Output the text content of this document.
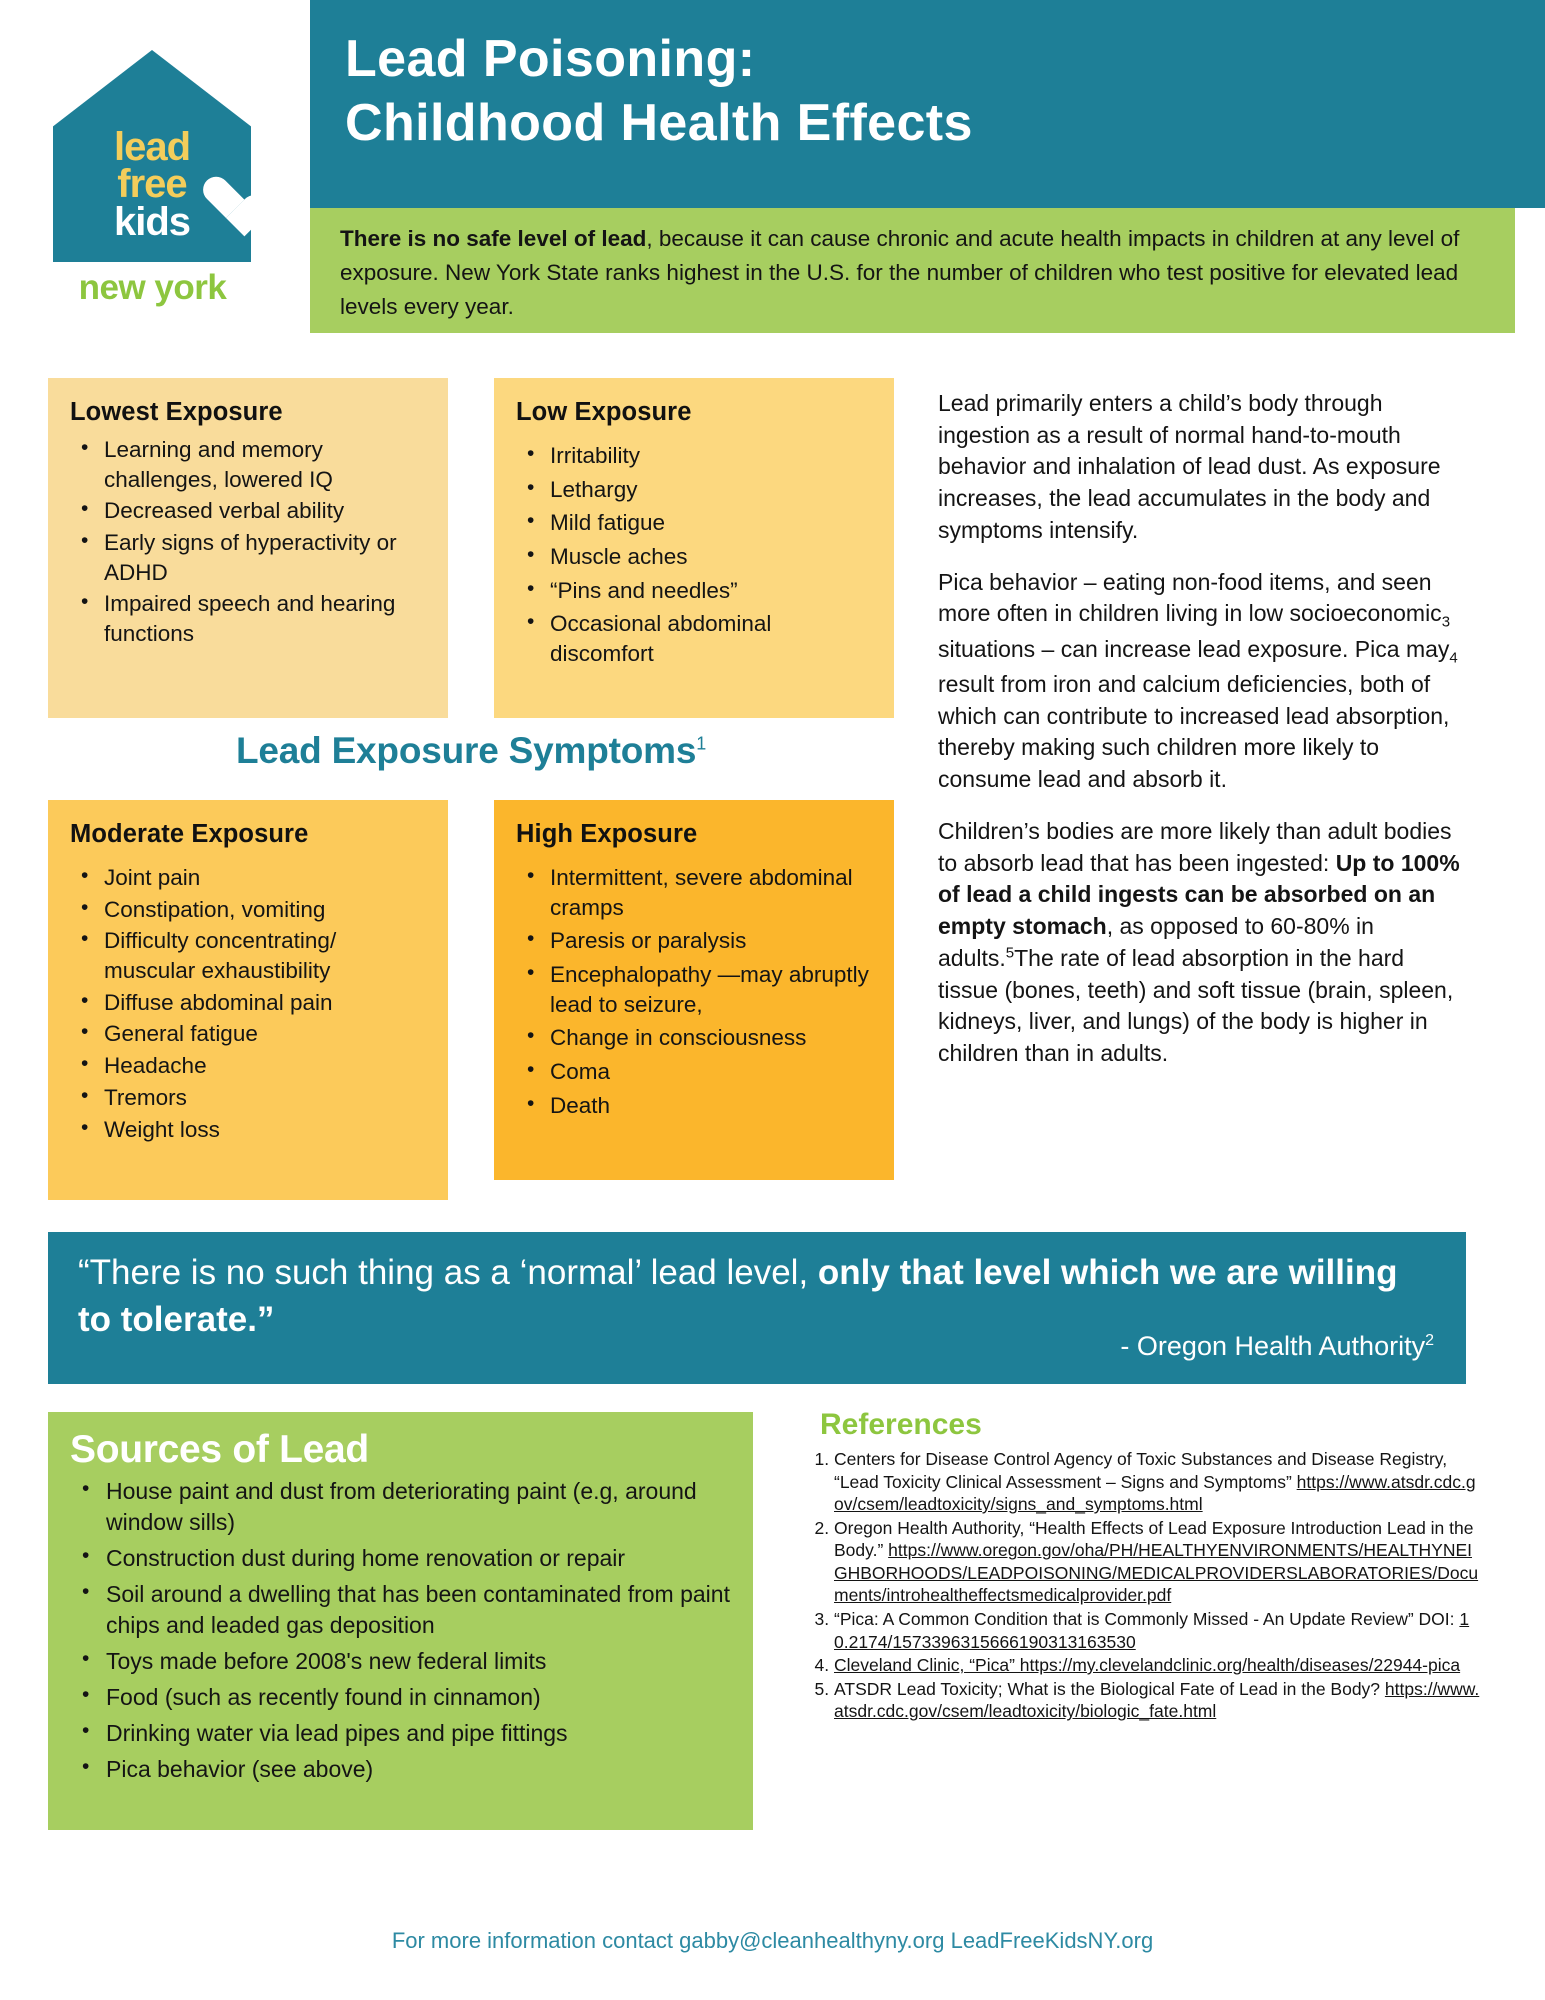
Lead Poisoning:
Childhood Health Effects
There is no safe level of lead, because it can cause chronic and acute health impacts in children at any level of exposure. New York State ranks highest in the U.S. for the number of children who test positive for elevated lead levels every year.
lead
free
kids
new york
Lowest Exposure
• Learning and memory challenges, lowered IQ
• Decreased verbal ability
• Early signs of hyperactivity or ADHD
• Impaired speech and hearing functions
Low Exposure
• Irritability
• Lethargy
• Mild fatigue
• Muscle aches
• “Pins and needles”
• Occasional abdominal discomfort
Lead Exposure Symptoms$^1$
Moderate Exposure
• Joint pain
• Constipation, vomiting
• Difficulty concentrating/ muscular exhaustibility
• Diffuse abdominal pain
• General fatigue
• Headache
• Tremors
• Weight loss
High Exposure
• Intermittent, severe abdominal cramps
• Paresis or paralysis
• Encephalopathy —may abruptly lead to seizure,
• Change in consciousness
• Coma
• Death

Lead primarily enters a child’s body through ingestion as a result of normal hand-to-mouth behavior and inhalation of lead dust. As exposure increases, the lead accumulates in the body and symptoms intensify.

Pica behavior – eating non-food items, and seen more often in children living in low socioeconomic$_3$ situations – can increase lead exposure. Pica may$_4$ result from iron and calcium deficiencies, both of which can contribute to increased lead absorption, thereby making such children more likely to consume lead and absorb it.

Children’s bodies are more likely than adult bodies to absorb lead that has been ingested: Up to 100% of lead a child ingests can be absorbed on an empty stomach, as opposed to 60-80% in adults.$^5$The rate of lead absorption in the hard tissue (bones, teeth) and soft tissue (brain, spleen, kidneys, liver, and lungs) of the body is higher in children than in adults.

“There is no such thing as a ‘normal’ lead level, only that level which we are willing to tolerate.”
- Oregon Health Authority$^2$
Sources of Lead
• House paint and dust from deteriorating paint (e.g, around window sills)
• Construction dust during home renovation or repair
• Soil around a dwelling that has been contaminated from paint chips and leaded gas deposition
• Toys made before 2008's new federal limits
• Food (such as recently found in cinnamon)
• Drinking water via lead pipes and pipe fittings
• Pica behavior (see above)
References
1. Centers for Disease Control Agency of Toxic Substances and Disease Registry, “Lead Toxicity Clinical Assessment – Signs and Symptoms” https://www.atsdr.cdc.gov/csem/leadtoxicity/signs_and_symptoms.html
2. Oregon Health Authority, “Health Effects of Lead Exposure Introduction Lead in the Body.” https://www.oregon.gov/oha/PH/HEALTHYENVIRONMENTS/HEALTHYNEIGHBORHOODS/LEADPOISONING/MEDICALPROVIDERSLABORATORIES/Documents/introhealtheffectsmedicalprovider.pdf
3. “Pica: A Common Condition that is Commonly Missed - An Update Review” DOI: 10.2174/1573396315666190313163530
4. Cleveland Clinic, “Pica” https://my.clevelandclinic.org/health/diseases/22944-pica
5. ATSDR Lead Toxicity; What is the Biological Fate of Lead in the Body? https://www.atsdr.cdc.gov/csem/leadtoxicity/biologic_fate.html
For more information contact gabby@cleanhealthyny.org LeadFreeKidsNY.org
